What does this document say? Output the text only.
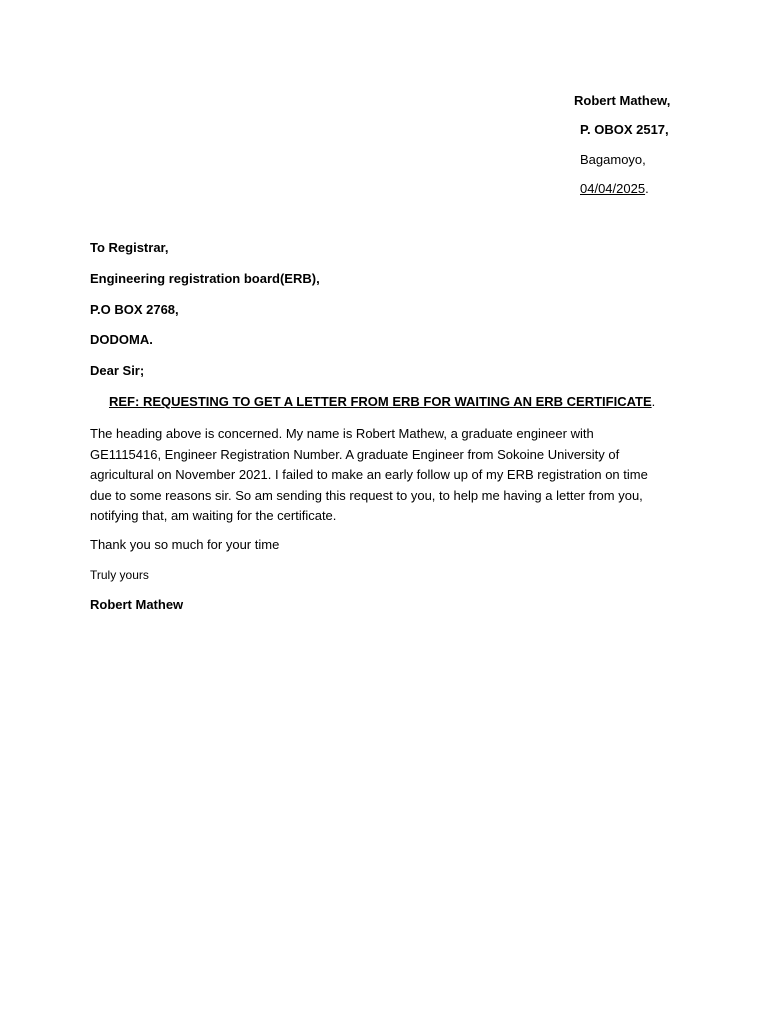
Robert Mathew,
P. OBOX 2517,
Bagamoyo,
04/04/2025.
To Registrar,
Engineering registration board(ERB),
P.O BOX 2768,
DODOMA.
Dear Sir;
REF: REQUESTING TO GET A LETTER FROM ERB FOR WAITING AN ERB CERTIFICATE.
The heading above is concerned. My name is Robert Mathew, a graduate engineer with GE1115416, Engineer Registration Number. A graduate Engineer from Sokoine University of agricultural on November 2021. I failed to make an early follow up of my ERB registration on time due to some reasons sir. So am sending this request to you, to help me having a letter from you, notifying that, am waiting for the certificate.
Thank you so much for your time
Truly yours
Robert Mathew
